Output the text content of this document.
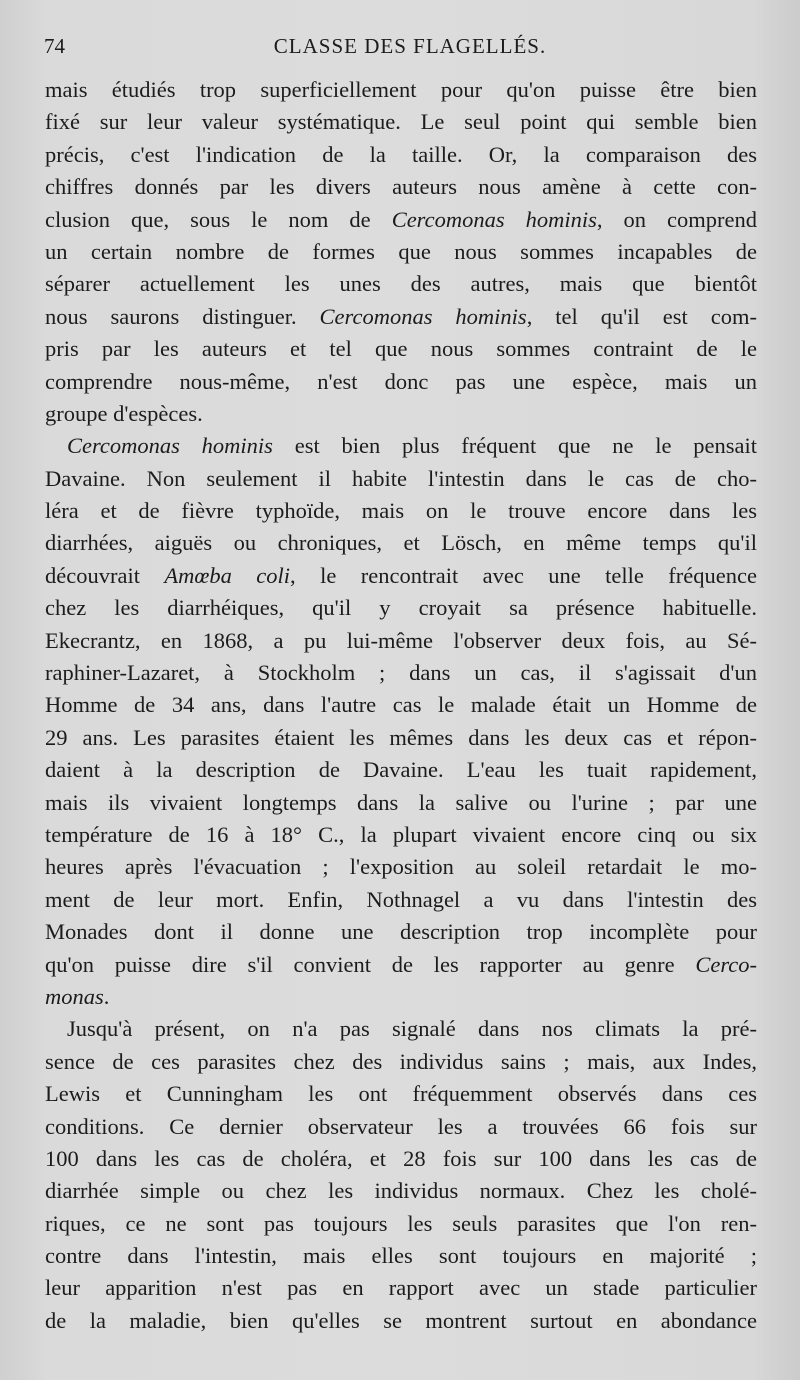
74	CLASSE DES FLAGELLÉS.
mais étudiés trop superficiellement pour qu'on puisse être bien
fixé sur leur valeur systématique. Le seul point qui semble bien
précis, c'est l'indication de la taille. Or, la comparaison des
chiffres donnés par les divers auteurs nous amène à cette con-
clusion que, sous le nom de Cercomonas hominis, on comprend
un certain nombre de formes que nous sommes incapables de
séparer actuellement les unes des autres, mais que bientôt
nous saurons distinguer. Cercomonas hominis, tel qu'il est com-
pris par les auteurs et tel que nous sommes contraint de le
comprendre nous-même, n'est donc pas une espèce, mais un
groupe d'espèces.
Cercomonas hominis est bien plus fréquent que ne le pensait
Davaine. Non seulement il habite l'intestin dans le cas de cho-
léra et de fièvre typhoïde, mais on le trouve encore dans les
diarrhées, aiguës ou chroniques, et Lösch, en même temps qu'il
découvrait Amœba coli, le rencontrait avec une telle fréquence
chez les diarrhéiques, qu'il y croyait sa présence habituelle.
Ekecrantz, en 1868, a pu lui-même l'observer deux fois, au Sé-
raphiner-Lazaret, à Stockholm ; dans un cas, il s'agissait d'un
Homme de 34 ans, dans l'autre cas le malade était un Homme de
29 ans. Les parasites étaient les mêmes dans les deux cas et répon-
daient à la description de Davaine. L'eau les tuait rapidement,
mais ils vivaient longtemps dans la salive ou l'urine ; par une
température de 16 à 18° C., la plupart vivaient encore cinq ou six
heures après l'évacuation ; l'exposition au soleil retardait le mo-
ment de leur mort. Enfin, Nothnagel a vu dans l'intestin des
Monades dont il donne une description trop incomplète pour
qu'on puisse dire s'il convient de les rapporter au genre Cerco-
monas.
Jusqu'à présent, on n'a pas signalé dans nos climats la pré-
sence de ces parasites chez des individus sains ; mais, aux Indes,
Lewis et Cunningham les ont fréquemment observés dans ces
conditions. Ce dernier observateur les a trouvées 66 fois sur
100 dans les cas de choléra, et 28 fois sur 100 dans les cas de
diarrhée simple ou chez les individus normaux. Chez les cholé-
riques, ce ne sont pas toujours les seuls parasites que l'on ren-
contre dans l'intestin, mais elles sont toujours en majorité ;
leur apparition n'est pas en rapport avec un stade particulier
de la maladie, bien qu'elles se montrent surtout en abondance
